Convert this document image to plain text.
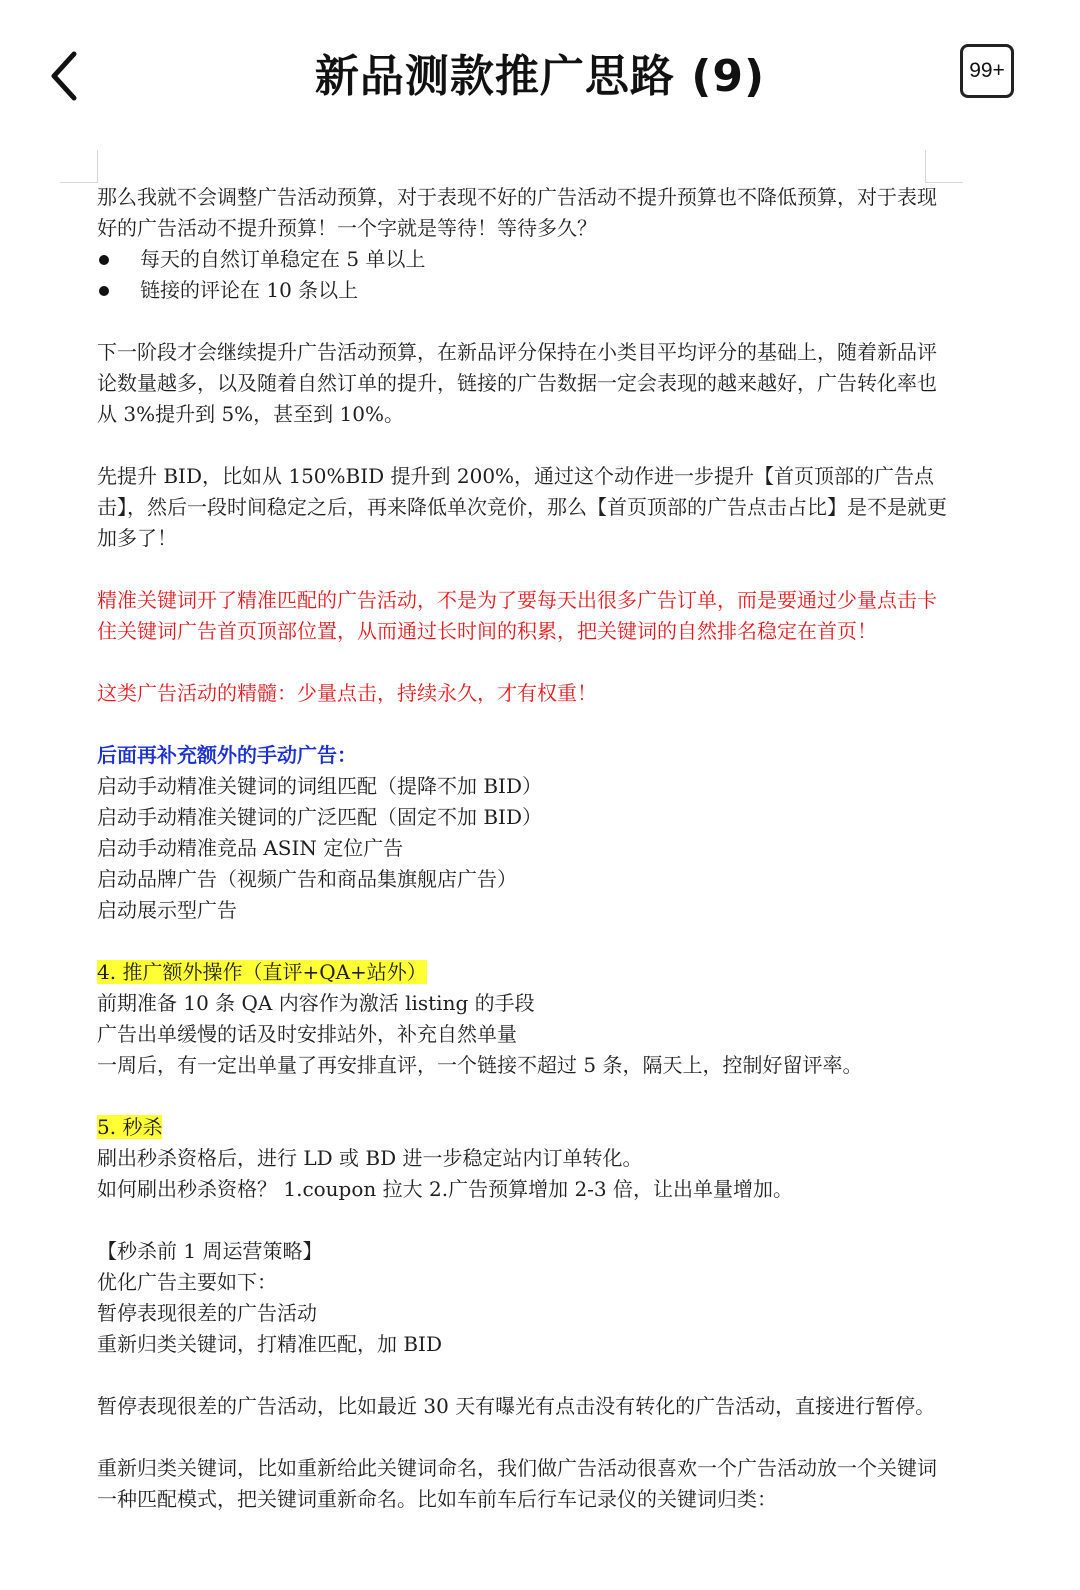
新品测款推广思路 (9)	99+

那么我就不会调整广告活动预算，对于表现不好的广告活动不提升预算也不降低预算，对于表现好的广告活动不提升预算！一个字就是等待！等待多久？

每天的自然订单稳定在 5 单以上

链接的评论在 10 条以上

下一阶段才会继续提升广告活动预算，在新品评分保持在小类目平均评分的基础上，随着新品评论数量越多，以及随着自然订单的提升，链接的广告数据一定会表现的越来越好，广告转化率也从 3%提升到 5%，甚至到 10%。

先提升 BID，比如从 150%BID 提升到 200%，通过这个动作进一步提升【首页顶部的广告点击】，然后一段时间稳定之后，再来降低单次竞价，那么【首页顶部的广告点击占比】是不是就更加多了！

精准关键词开了精准匹配的广告活动，不是为了要每天出很多广告订单，而是要通过少量点击卡住关键词广告首页顶部位置，从而通过长时间的积累，把关键词的自然排名稳定在首页！

这类广告活动的精髓：少量点击，持续永久，才有权重！

后面再补充额外的手动广告：

启动手动精准关键词的词组匹配（提降不加 BID）

启动手动精准关键词的广泛匹配（固定不加 BID）

启动手动精准竞品 ASIN 定位广告

启动品牌广告（视频广告和商品集旗舰店广告）

启动展示型广告

4. 推广额外操作（直评+QA+站外）

前期准备 10 条 QA 内容作为激活 listing 的手段

广告出单缓慢的话及时安排站外，补充自然单量

一周后，有一定出单量了再安排直评，一个链接不超过 5 条，隔天上，控制好留评率。

5. 秒杀

刷出秒杀资格后，进行 LD 或 BD 进一步稳定站内订单转化。

如何刷出秒杀资格？ 1.coupon 拉大 2.广告预算增加 2-3 倍，让出单量增加。

【秒杀前 1 周运营策略】

优化广告主要如下：

暂停表现很差的广告活动

重新归类关键词，打精准匹配，加 BID

暂停表现很差的广告活动，比如最近 30 天有曝光有点击没有转化的广告活动，直接进行暂停。

重新归类关键词，比如重新给此关键词命名，我们做广告活动很喜欢一个广告活动放一个关键词一种匹配模式，把关键词重新命名。比如车前车后行车记录仪的关键词归类：
